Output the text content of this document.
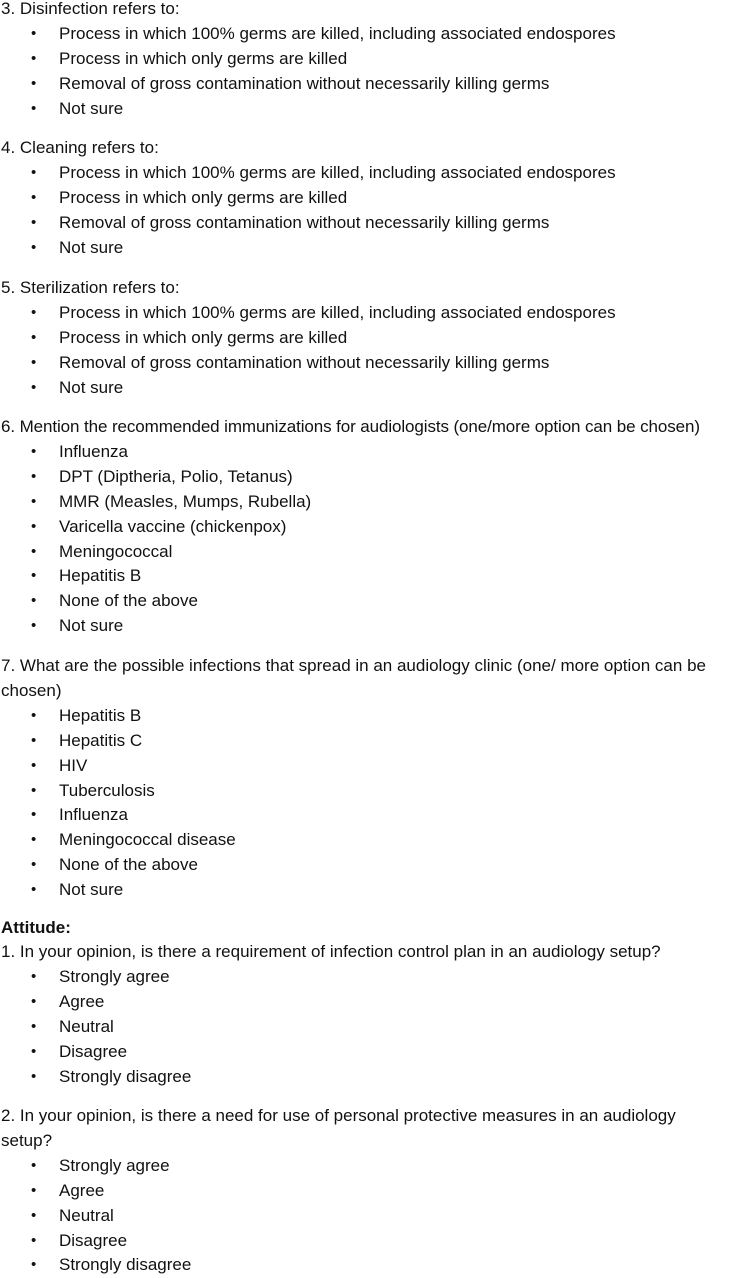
3. Disinfection refers to:

• Process in which 100% germs are killed, including associated endospores
• Process in which only germs are killed
• Removal of gross contamination without necessarily killing germs
• Not sure

4. Cleaning refers to:

• Process in which 100% germs are killed, including associated endospores
• Process in which only germs are killed
• Removal of gross contamination without necessarily killing germs
• Not sure

5. Sterilization refers to:

• Process in which 100% germs are killed, including associated endospores
• Process in which only germs are killed
• Removal of gross contamination without necessarily killing germs
• Not sure

6. Mention the recommended immunizations for audiologists (one/more option can be chosen)

• Influenza
• DPT (Diptheria, Polio, Tetanus)
• MMR (Measles, Mumps, Rubella)
• Varicella vaccine (chickenpox)
• Meningococcal
• Hepatitis B
• None of the above
• Not sure

7. What are the possible infections that spread in an audiology clinic (one/ more option can be chosen)

• Hepatitis B
• Hepatitis C
• HIV
• Tuberculosis
• Influenza
• Meningococcal disease
• None of the above
• Not sure

Attitude:

1. In your opinion, is there a requirement of infection control plan in an audiology setup?

• Strongly agree
• Agree
• Neutral
• Disagree
• Strongly disagree

2. In your opinion, is there a need for use of personal protective measures in an audiology setup?

• Strongly agree
• Agree
• Neutral
• Disagree
• Strongly disagree
